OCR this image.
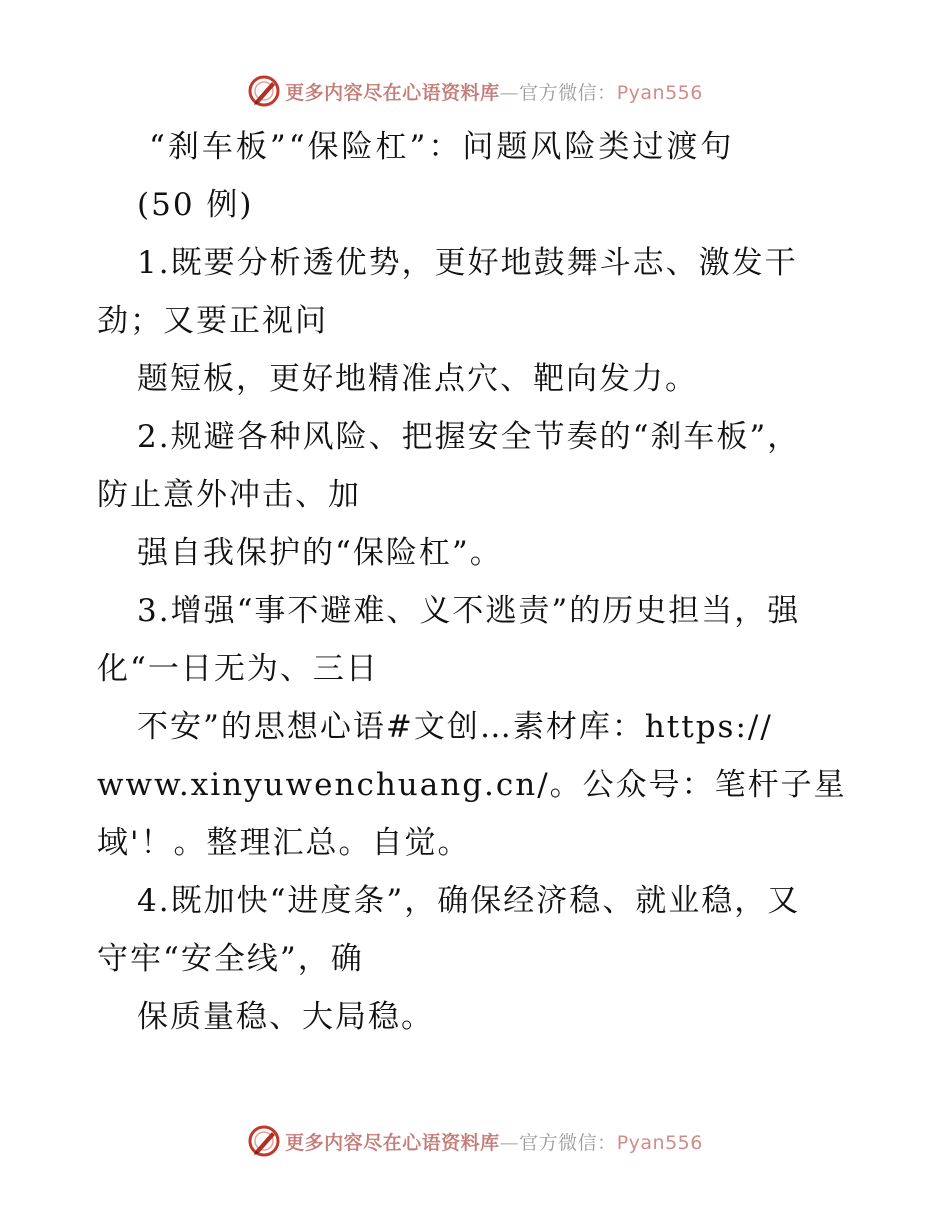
更多内容尽在心语资料库—官方微信：Pyan556
“刹车板”“保险杠”：问题风险类过渡句
(50 例)
1.既要分析透优势，更好地鼓舞斗志、激发干
劲；又要正视问
题短板，更好地精准点穴、靶向发力。
2.规避各种风险、把握安全节奏的“刹车板”，
防止意外冲击、加
强自我保护的“保险杠”。
3.增强“事不避难、义不逃责”的历史担当，强
化“一日无为、三日
不安”的思想心语#文创…素材库：https://
www.xinyuwenchuang.cn/。公众号：笔杆子星
域'！。整理汇总。自觉。
4.既加快“进度条”，确保经济稳、就业稳，又
守牢“安全线”，确
保质量稳、大局稳。
更多内容尽在心语资料库—官方微信：Pyan556
